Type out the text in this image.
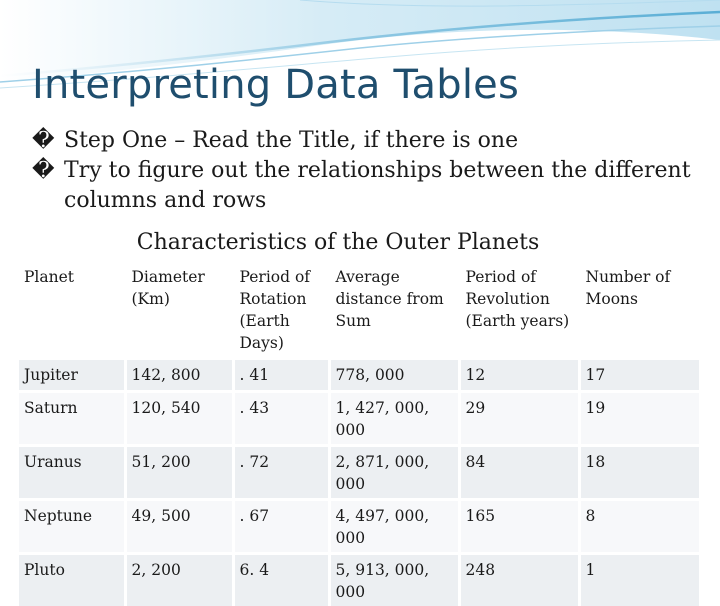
Interpreting Data Tables
� Step One – Read the Title, if there is one
� Try to figure out the relationships between the different columns and rows
Characteristics of the Outer Planets
Planet	Diameter (Km)	Period of Rotation (Earth Days)	Average distance from Sum	Period of Revolution (Earth years)	Number of Moons
Jupiter	142, 800	. 41	778, 000	12	17
Saturn	120, 540	. 43	1, 427, 000, 000	29	19
Uranus	51, 200	. 72	2, 871, 000, 000	84	18
Neptune	49, 500	. 67	4, 497, 000, 000	165	8
Pluto	2, 200	6. 4	5, 913, 000, 000	248	1
